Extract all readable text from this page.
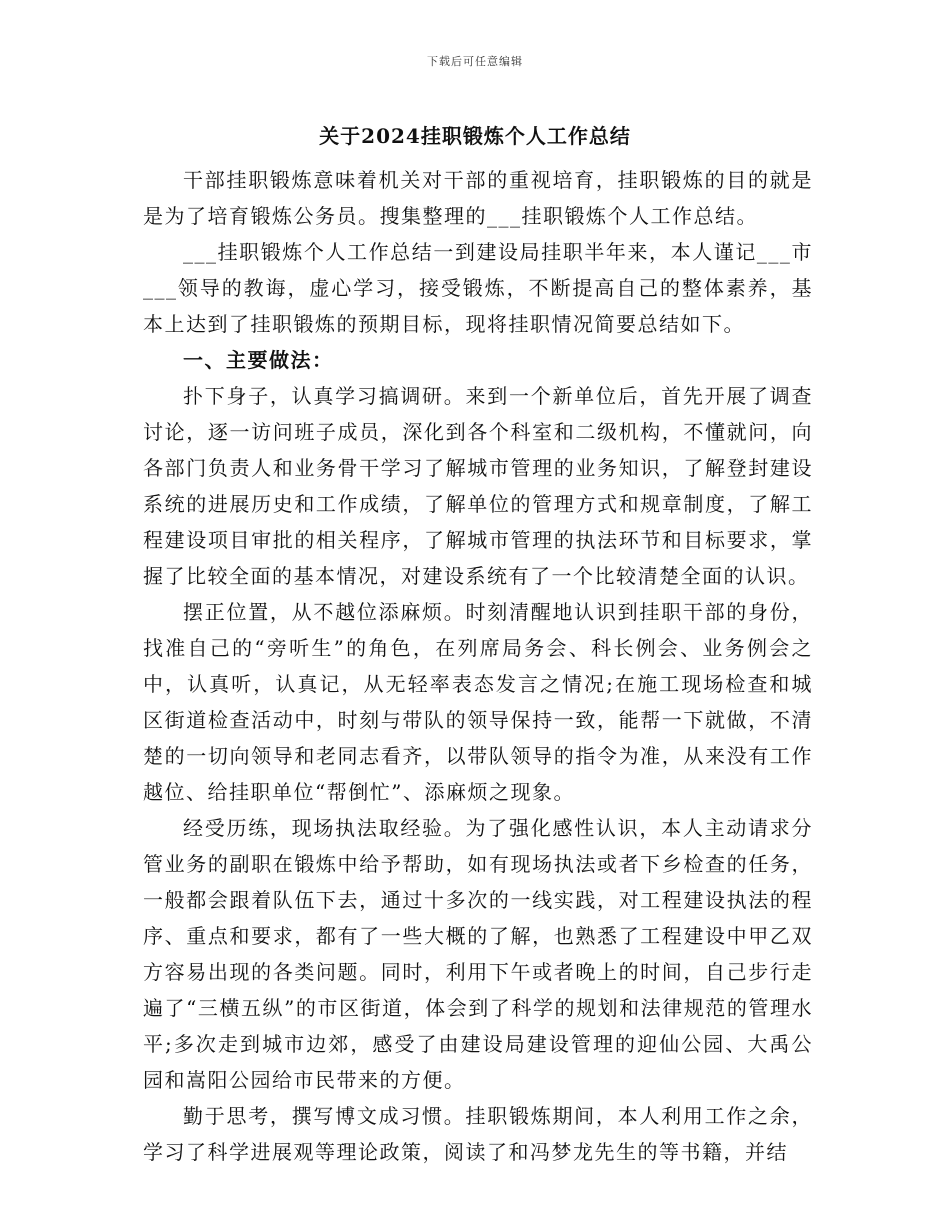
下载后可任意编辑
关于2024挂职锻炼个人工作总结

干部挂职锻炼意味着机关对干部的重视培育，挂职锻炼的目的就是是为了培育锻炼公务员。搜集整理的___挂职锻炼个人工作总结。

___挂职锻炼个人工作总结一到建设局挂职半年来，本人谨记___市___领导的教诲，虚心学习，接受锻炼，不断提高自己的整体素养，基本上达到了挂职锻炼的预期目标，现将挂职情况简要总结如下。

一、主要做法：

扑下身子，认真学习搞调研。来到一个新单位后，首先开展了调查讨论，逐一访问班子成员，深化到各个科室和二级机构，不懂就问，向各部门负责人和业务骨干学习了解城市管理的业务知识，了解登封建设系统的进展历史和工作成绩，了解单位的管理方式和规章制度，了解工程建设项目审批的相关程序，了解城市管理的执法环节和目标要求，掌握了比较全面的基本情况，对建设系统有了一个比较清楚全面的认识。

摆正位置，从不越位添麻烦。时刻清醒地认识到挂职干部的身份，找准自己的“旁听生”的角色，在列席局务会、科长例会、业务例会之中，认真听，认真记，从无轻率表态发言之情况;在施工现场检查和城区街道检查活动中，时刻与带队的领导保持一致，能帮一下就做，不清楚的一切向领导和老同志看齐，以带队领导的指令为准，从来没有工作越位、给挂职单位“帮倒忙”、添麻烦之现象。

经受历练，现场执法取经验。为了强化感性认识，本人主动请求分管业务的副职在锻炼中给予帮助，如有现场执法或者下乡检查的任务，一般都会跟着队伍下去，通过十多次的一线实践，对工程建设执法的程序、重点和要求，都有了一些大概的了解，也熟悉了工程建设中甲乙双方容易出现的各类问题。同时，利用下午或者晚上的时间，自己步行走遍了“三横五纵”的市区街道，体会到了科学的规划和法律规范的管理水平;多次走到城市边郊，感受了由建设局建设管理的迎仙公园、大禹公园和嵩阳公园给市民带来的方便。

勤于思考，撰写博文成习惯。挂职锻炼期间，本人利用工作之余，学习了科学进展观等理论政策，阅读了和冯梦龙先生的等书籍，并结
